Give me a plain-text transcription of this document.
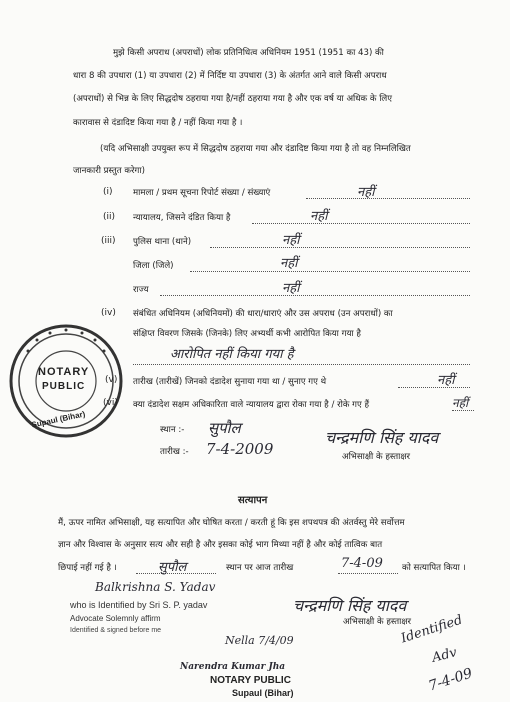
मुझे किसी अपराध (अपराधों) लोक प्रतिनिधित्व अधिनियम 1951 (1951 का 43) की
धारा 8 की उपधारा (1) या उपधारा (2) में निर्दिष्ट या उपधारा (3) के अंतर्गत आने वाले किसी अपराध
(अपराधों) से भिन्न के लिए सिद्धदोष ठहराया गया है/नहीं ठहराया गया है और एक वर्ष या अधिक के लिए
कारावास से दंडादिष्ट किया गया है / नहीं किया गया है ।
(यदि अभिसाक्षी उपयुक्त रूप में सिद्धदोष ठहराया गया और दंडादिष्ट किया गया है तो वह निम्नलिखित
जानकारी प्रस्तुत करेगा)
(i) मामला / प्रथम सूचना रिपोर्ट संख्या / संख्याएं	नहीं
(ii) न्यायालय, जिसने दंडित किया है	नहीं
(iii) पुलिस थाना (थाने)	नहीं
जिला (जिले)	नहीं
राज्य	नहीं
(iv) संबंधित अधिनियम (अधिनियमों) की धारा/धाराएं और उस अपराध (उन अपराधों) का
संक्षिप्त विवरण जिसके (जिनके) लिए अभ्यर्थी कभी आरोपित किया गया है
आरोपित नहीं किया गया है
NOTARY
PUBLIC
Supaul (Bihar)
(v) तारीख (तारीखें) जिनको दंडादेश सुनाया गया था / सुनाए गए थे	नहीं
(vi) क्या दंडादेश सक्षम अधिकारिता वाले न्यायालय द्वारा रोका गया है / रोके गए हैं	नहीं
स्थान :- सुपौल
तारीख :- 7-4-2009
चन्द्रमणि सिंह यादव
अभिसाक्षी के हस्ताक्षर
सत्यापन
मैं, ऊपर नामित अभिसाक्षी, यह सत्यापित और घोषित करता / करती हूं कि इस शपथपत्र की अंतर्वस्तु मेरे सर्वोत्तम
ज्ञान और विश्वास के अनुसार सत्य और सही है और इसका कोई भाग मिथ्या नहीं है और कोई तात्विक बात
छिपाई नहीं गई है ।	सुपौल	स्थान पर आज तारीख	7-4-09 को सत्यापित किया ।
Balkrishna S. Yadav
who is Identified by Sri S. P. yadav
Advocate Solemnly affirm
Identified & signed before me
चन्द्रमणि सिंह यादव
अभिसाक्षी के हस्ताक्षर
Nella 7/4/09
Narendra Kumar Jha
NOTARY PUBLIC
Supaul (Bihar)
Identified
Adv
7-4-09
